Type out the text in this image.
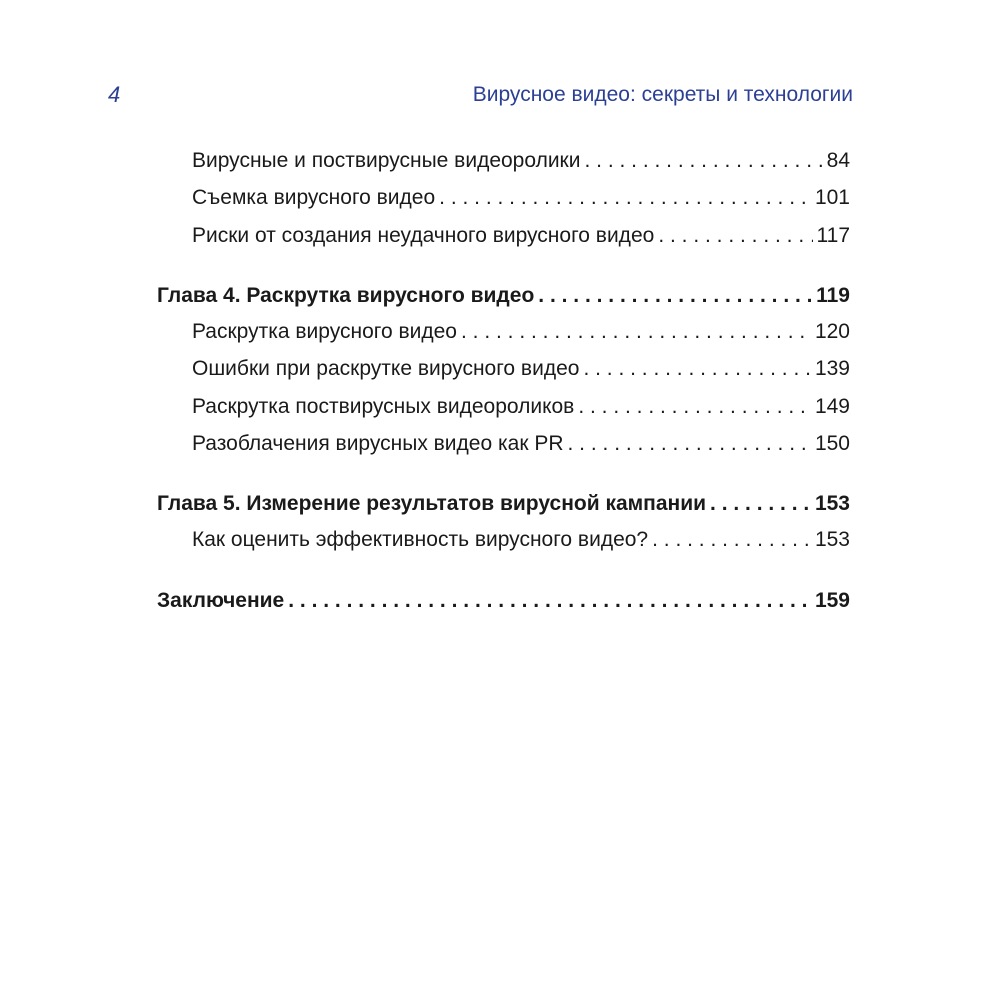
4	Вирусное видео: секреты и технологии
Вирусные и поствирусные видеоролики . . .	84
Съемка вирусного видео . . .	101
Риски от создания неудачного вирусного видео . . .	117
Глава 4. Раскрутка вирусного видео . . .	119
Раскрутка вирусного видео . . .	120
Ошибки при раскрутке вирусного видео . . .	139
Раскрутка поствирусных видеороликов . . .	149
Разоблачения вирусных видео как PR . . .	150
Глава 5. Измерение результатов вирусной кампании . . .	153
Как оценить эффективность вирусного видео? . . .	153
Заключение . . .	159
